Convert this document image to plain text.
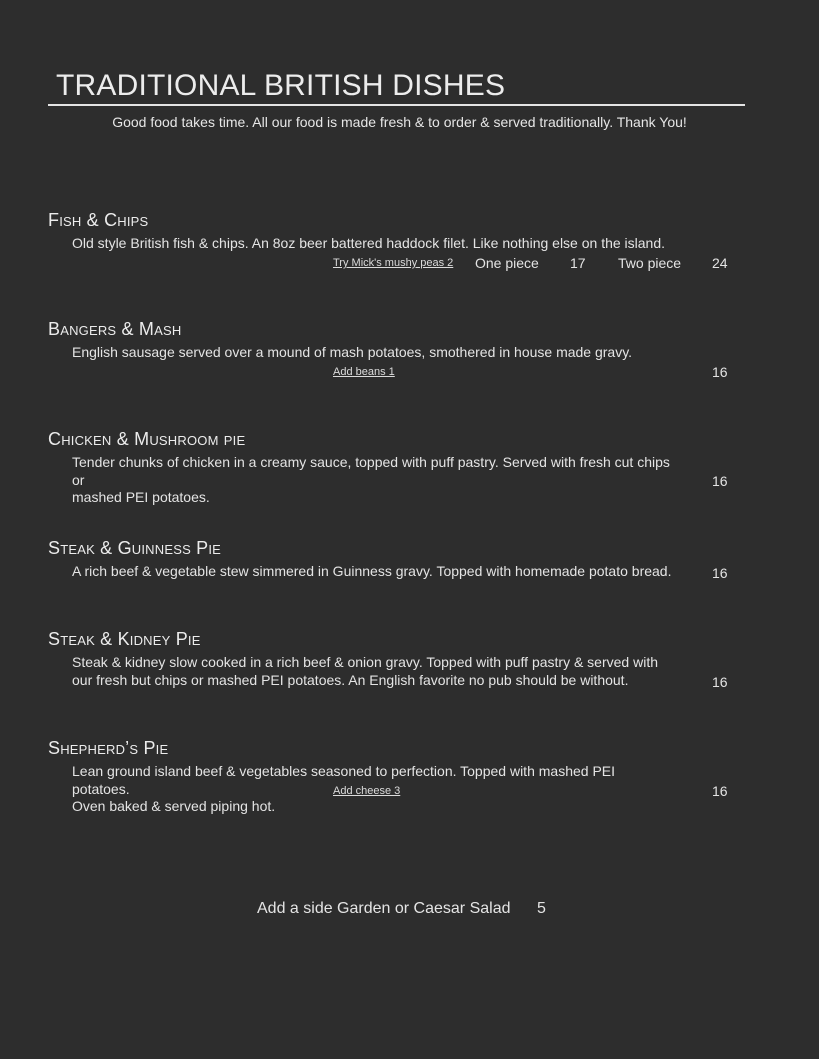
TRADITIONAL BRITISH DISHES
Good food takes time. All our food is made fresh & to order & served traditionally. Thank You!
Fish & Chips
Old style British fish & chips. An 8oz beer battered haddock filet. Like nothing else on the island.
Try Mick's mushy peas 2 One piece 17 Two piece 24
Bangers & Mash
English sausage served over a mound of mash potatoes, smothered in house made gravy.
Add beans 1	16
Chicken & Mushroom pie
Tender chunks of chicken in a creamy sauce, topped with puff pastry. Served with fresh cut chips or
mashed PEI potatoes.
16
Steak & Guinness Pie
A rich beef & vegetable stew simmered in Guinness gravy. Topped with homemade potato bread.	16
Steak & Kidney Pie
Steak & kidney slow cooked in a rich beef & onion gravy. Topped with puff pastry & served with
our fresh but chips or mashed PEI potatoes. An English favorite no pub should be without.	16
Shepherd’s Pie
Lean ground island beef & vegetables seasoned to perfection. Topped with mashed PEI potatoes.
Oven baked & served piping hot.
Add cheese 3	16
Add a side Garden or Caesar Salad 5
